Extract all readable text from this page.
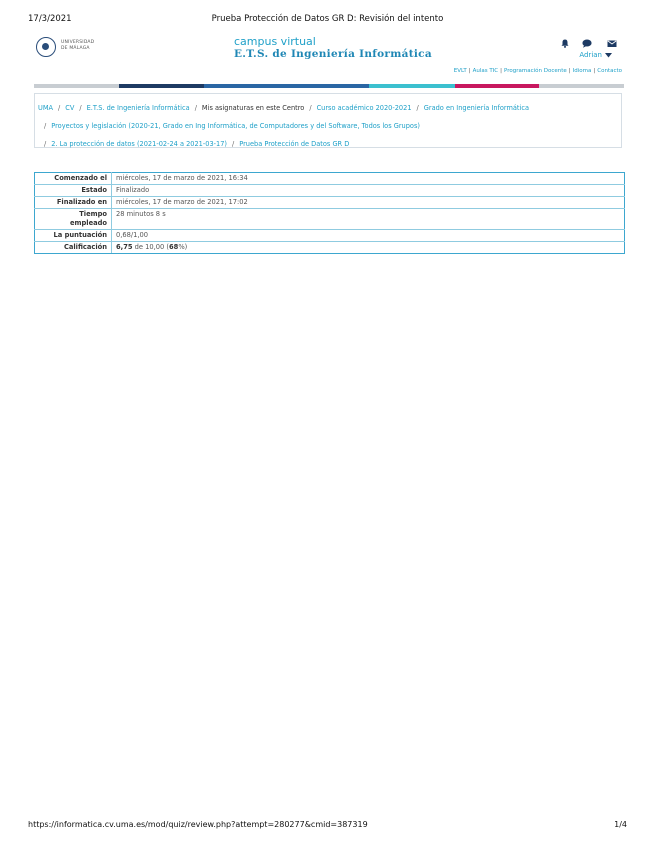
17/3/2021	Prueba Protección de Datos GR D: Revisión del intento
UNIVERSIDAD
DE MÁLAGA
campus virtual
E.T.S. de Ingeniería Informática	Adrian
EVLT | Aulas TIC | Programación Docente | Idioma | Contacto
UMA / CV / E.T.S. de Ingeniería Informática / Mis asignaturas en este Centro / Curso académico 2020-2021 / Grado en Ingeniería Informática
/ Proyectos y legislación (2020-21, Grado en Ing Informática, de Computadores y del Software, Todos los Grupos)
/ 2. La protección de datos (2021-02-24 a 2021-03-17) / Prueba Protección de Datos GR D
Comenzado el	miércoles, 17 de marzo de 2021, 16:34
Estado	Finalizado
Finalizado en	miércoles, 17 de marzo de 2021, 17:02
Tiempo
empleado	28 minutos 8 s
La puntuación	0,68/1,00
Calificación	6,75 de 10,00 (68%)
https://informatica.cv.uma.es/mod/quiz/review.php?attempt=280277&cmid=387319	1/4
